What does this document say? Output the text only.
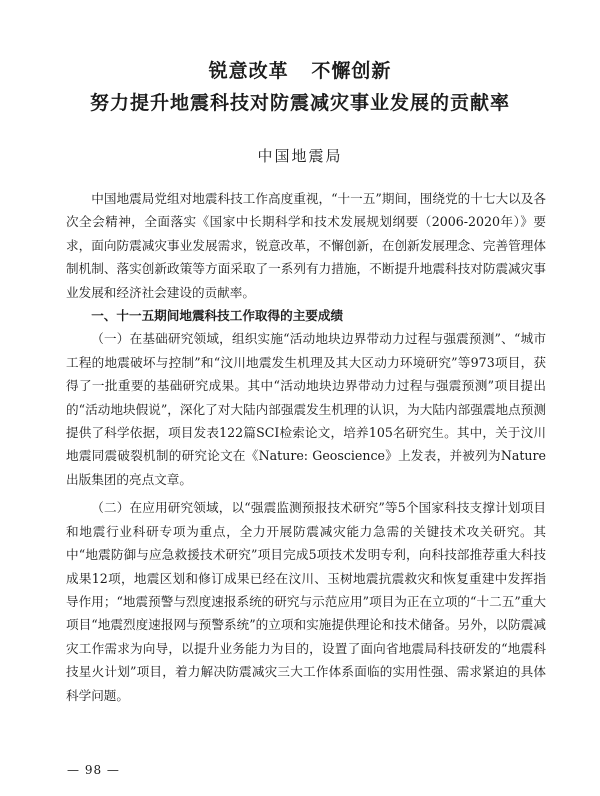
锐意改革   不懈创新
努力提升地震科技对防震减灾事业发展的贡献率
中国地震局

中国地震局党组对地震科技工作高度重视，“十一五”期间，围绕党的十七大以及各次全会精神，全面落实《国家中长期科学和技术发展规划纲要（2006-2020年）》要求，面向防震减灾事业发展需求，锐意改革，不懈创新，在创新发展理念、完善管理体制机制、落实创新政策等方面采取了一系列有力措施，不断提升地震科技对防震减灾事业发展和经济社会建设的贡献率。

一、十一五期间地震科技工作取得的主要成绩

（一）在基础研究领域，组织实施“活动地块边界带动力过程与强震预测”、“城市工程的地震破坏与控制”和“汶川地震发生机理及其大区动力环境研究”等973项目，获得了一批重要的基础研究成果。其中“活动地块边界带动力过程与强震预测”项目提出的“活动地块假说”，深化了对大陆内部强震发生机理的认识，为大陆内部强震地点预测提供了科学依据，项目发表122篇SCI检索论文，培养105名研究生。其中，关于汶川地震同震破裂机制的研究论文在《Nature: Geoscience》上发表，并被列为Nature出版集团的亮点文章。

（二）在应用研究领域，以“强震监测预报技术研究”等5个国家科技支撑计划项目和地震行业科研专项为重点，全力开展防震减灾能力急需的关键技术攻关研究。其中“地震防御与应急救援技术研究”项目完成5项技术发明专利，向科技部推荐重大科技成果12项，地震区划和修订成果已经在汶川、玉树地震抗震救灾和恢复重建中发挥指导作用；“地震预警与烈度速报系统的研究与示范应用”项目为正在立项的“十二五”重大项目“地震烈度速报网与预警系统”的立项和实施提供理论和技术储备。另外，以防震减灾工作需求为向导，以提升业务能力为目的，设置了面向省地震局科技研发的“地震科技星火计划”项目，着力解决防震减灾三大工作体系面临的实用性强、需求紧迫的具体科学问题。

— 98 —
